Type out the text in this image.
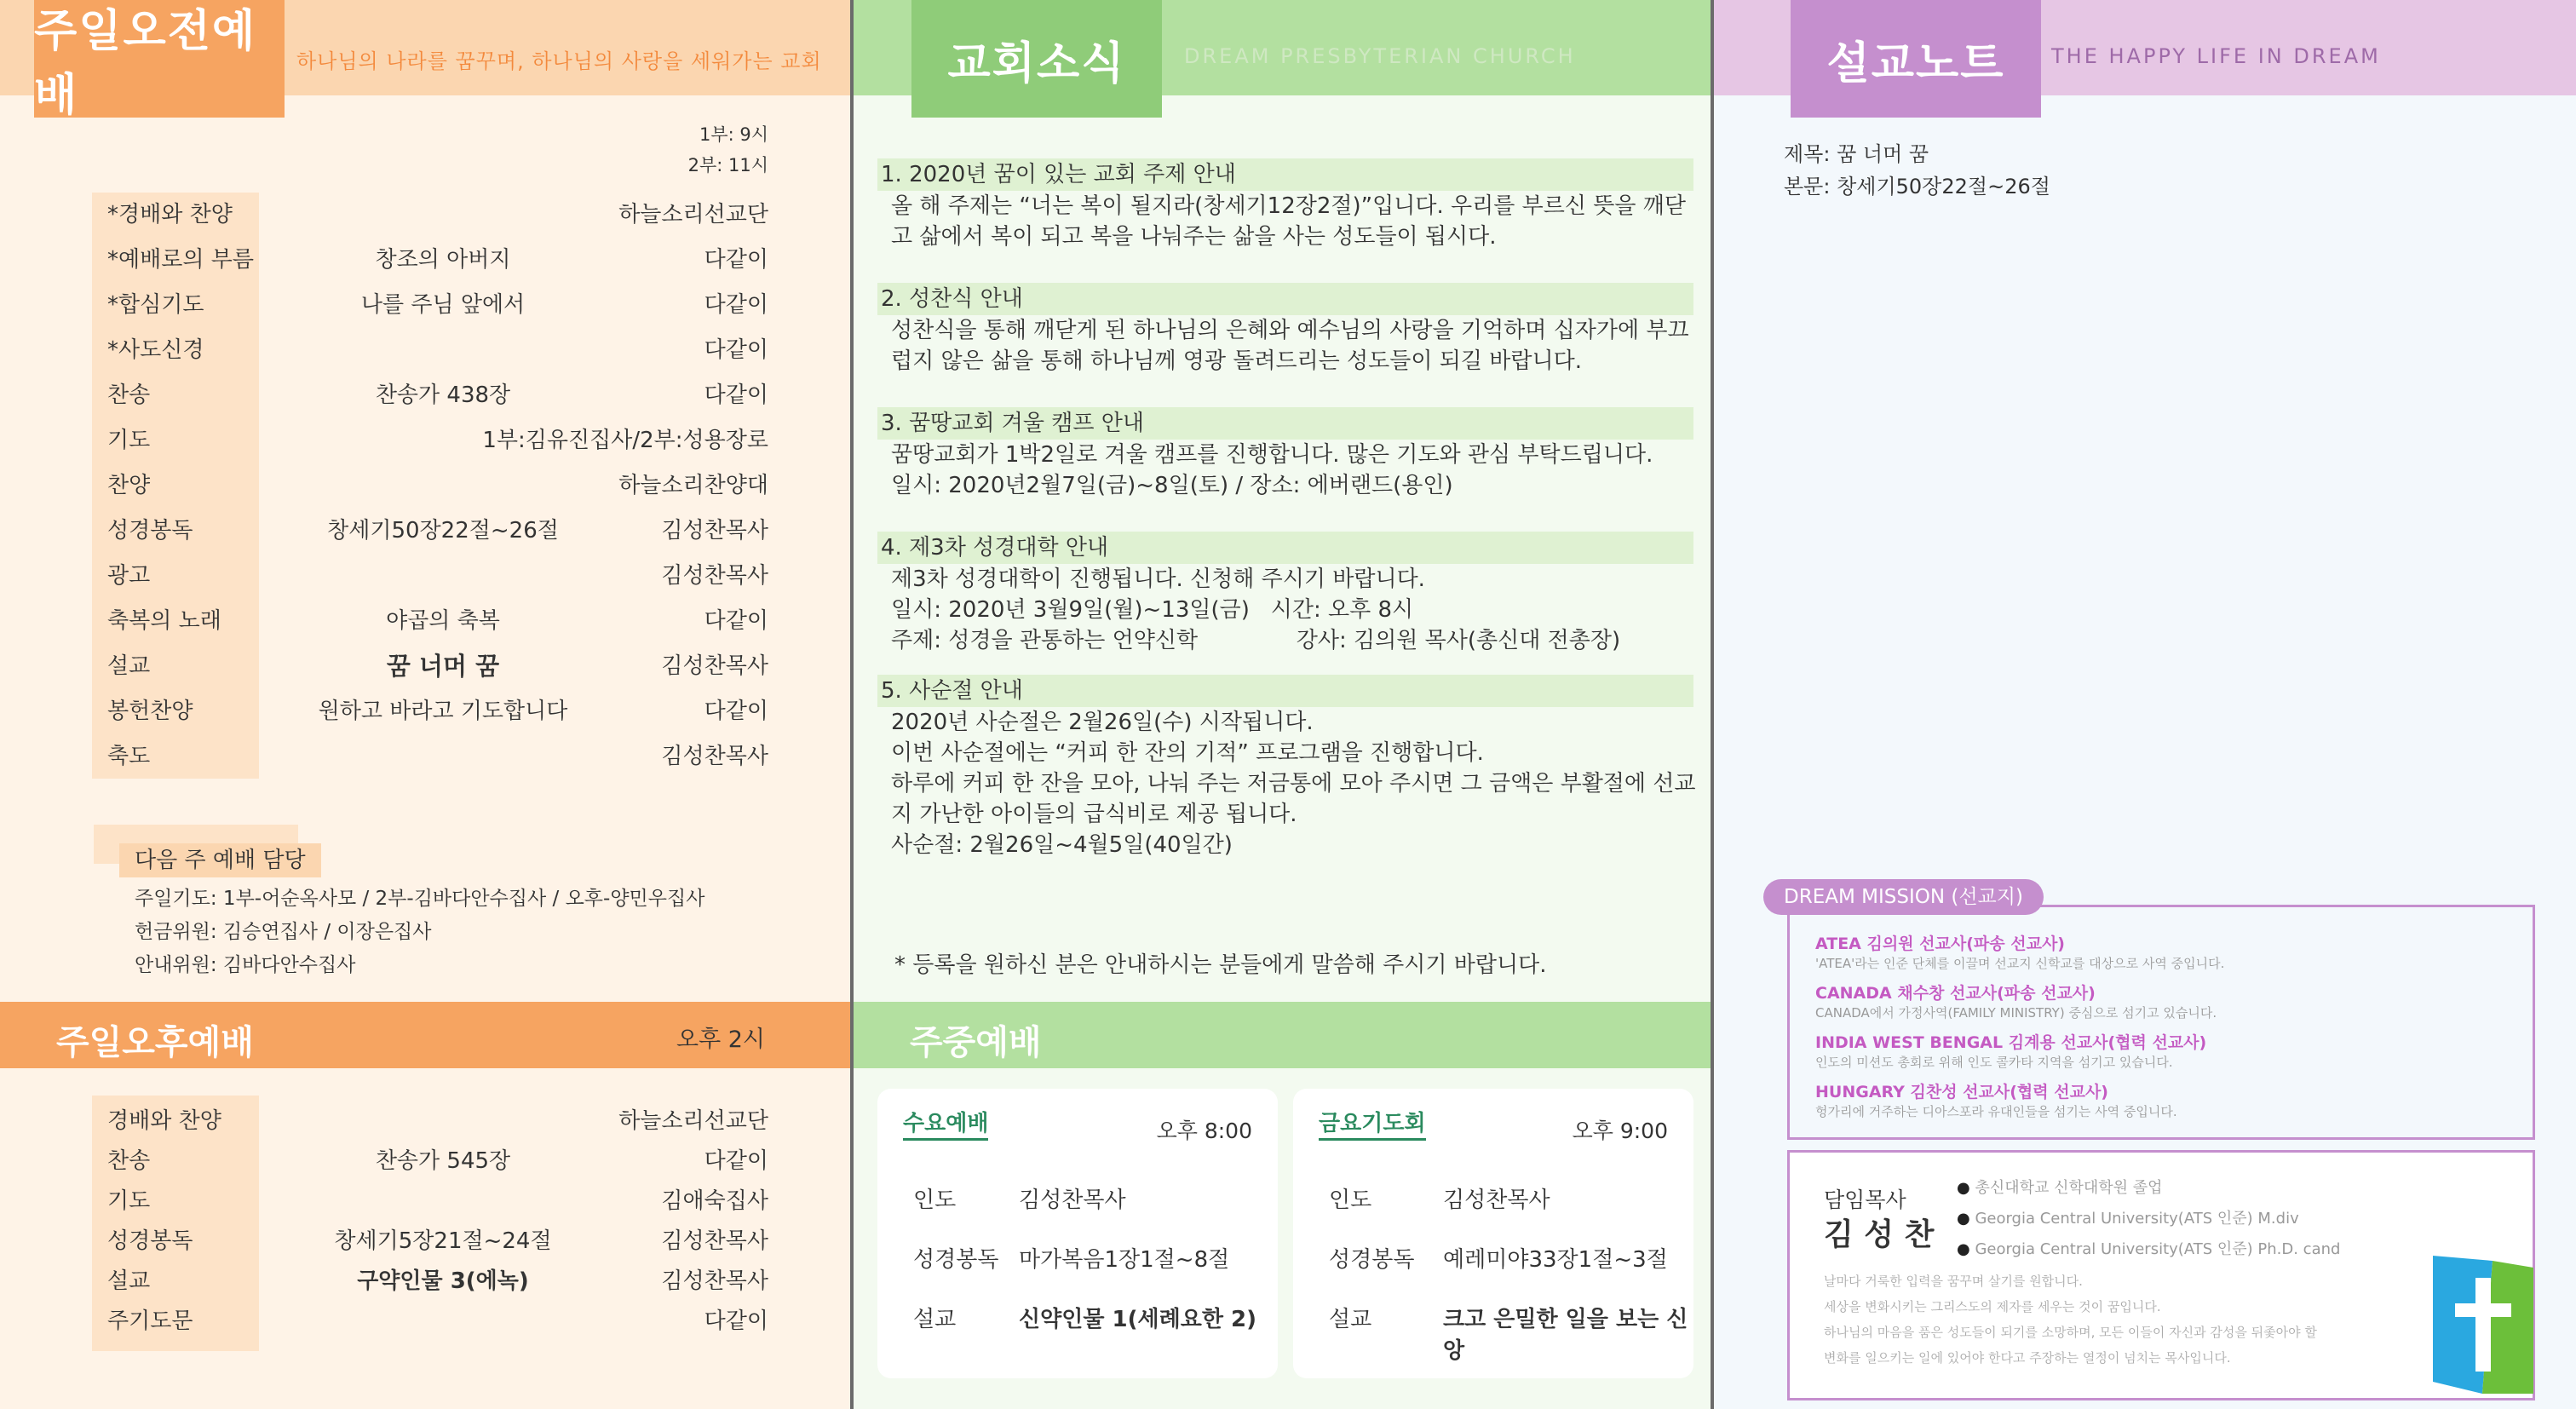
주일오전예배
하나님의 나라를 꿈꾸며, 하나님의 사랑을 세워가는 교회
1부: 9시
2부: 11시
*경배와 찬양	하늘소리선교단
*예배로의 부름	창조의 아버지	다같이
*합심기도	나를 주님 앞에서	다같이
*사도신경	다같이
찬송	찬송가 438장	다같이
기도	1부:김유진집사/2부:성용장로
찬양	하늘소리찬양대
성경봉독	창세기50장22절~26절	김성찬목사
광고	김성찬목사
축복의 노래	야곱의 축복	다같이
설교	꿈 너머 꿈	김성찬목사
봉헌찬양	원하고 바라고 기도합니다	다같이
축도	김성찬목사
다음 주 예배 담당
주일기도: 1부-어순옥사모 / 2부-김바다안수집사 / 오후-양민우집사
헌금위원: 김승연집사 / 이장은집사
안내위원: 김바다안수집사
주일오후예배	오후 2시
경배와 찬양	하늘소리선교단
찬송	찬송가 545장	다같이
기도	김애숙집사
성경봉독	창세기5장21절~24절	김성찬목사
설교	구약인물 3(에녹)	김성찬목사
주기도문	다같이
교회소식	DREAM PRESBYTERIAN CHURCH
1. 2020년 꿈이 있는 교회 주제 안내
올 해 주제는 “너는 복이 될지라(창세기12장2절)”입니다. 우리를 부르신 뜻을 깨닫
고 삶에서 복이 되고 복을 나눠주는 삶을 사는 성도들이 됩시다.
2. 성찬식 안내
성찬식을 통해 깨닫게 된 하나님의 은혜와 예수님의 사랑을 기억하며 십자가에 부끄
럽지 않은 삶을 통해 하나님께 영광 돌려드리는 성도들이 되길 바랍니다.
3. 꿈땅교회 겨울 캠프 안내
꿈땅교회가 1박2일로 겨울 캠프를 진행합니다. 많은 기도와 관심 부탁드립니다.
일시: 2020년2월7일(금)~8일(토) / 장소: 에버랜드(용인)
4. 제3차 성경대학 안내
제3차 성경대학이 진행됩니다. 신청해 주시기 바랍니다.
일시: 2020년 3월9일(월)~13일(금)   시간: 오후 8시
주제: 성경을 관통하는 언약신학              강사: 김의원 목사(총신대 전총장)
5. 사순절 안내
2020년 사순절은 2월26일(수) 시작됩니다.
이번 사순절에는 “커피 한 잔의 기적” 프로그램을 진행합니다.
하루에 커피 한 잔을 모아, 나눠 주는 저금통에 모아 주시면 그 금액은 부활절에 선교
지 가난한 아이들의 급식비로 제공 됩니다.
사순절: 2월26일~4월5일(40일간)
* 등록을 원하신 분은 안내하시는 분들에게 말씀해 주시기 바랍니다.
주중예배
수요예배	오후 8:00
인도	김성찬목사
성경봉독 마가복음1장1절~8절
설교	신약인물 1(세례요한 2)
금요기도회	오후 9:00
인도	김성찬목사
성경봉독 예레미야33장1절~3절
설교	크고 은밀한 일을 보는 신앙
설교노트	THE HAPPY LIFE IN DREAM
제목: 꿈 너머 꿈
본문: 창세기50장22절~26절
ATEA 김의원 선교사(파송 선교사)
'ATEA'라는 인준 단체를 이끌며 선교지 신학교를 대상으로 사역 중입니다.
CANADA 채수창 선교사(파송 선교사)
CANADA에서 가정사역(FAMILY MINISTRY) 중심으로 섬기고 있습니다.
INDIA WEST BENGAL 김계용 선교사(협력 선교사)
인도의 미션도 총회로 위해 인도 콜카타 지역을 섬기고 있습니다.
HUNGARY 김찬성 선교사(협력 선교사)
헝가리에 거주하는 디아스포라 유대인들을 섬기는 사역 중입니다.
DREAM MISSION (선교지)
담임목사
김 성 찬
● 총신대학교 신학대학원 졸업
● Georgia Central University(ATS 인준) M.div
● Georgia Central University(ATS 인준) Ph.D. cand
날마다 거룩한 입력을 꿈꾸며 살기를 원합니다.
세상을 변화시키는 그리스도의 제자를 세우는 것이 꿈입니다.
하나님의 마음을 품은 성도들이 되기를 소망하며, 모든 이들이 자신과 감성을 뒤좇아야 할
변화를 일으키는 일에 있어야 한다고 주장하는 열정이 넘치는 목사입니다.
